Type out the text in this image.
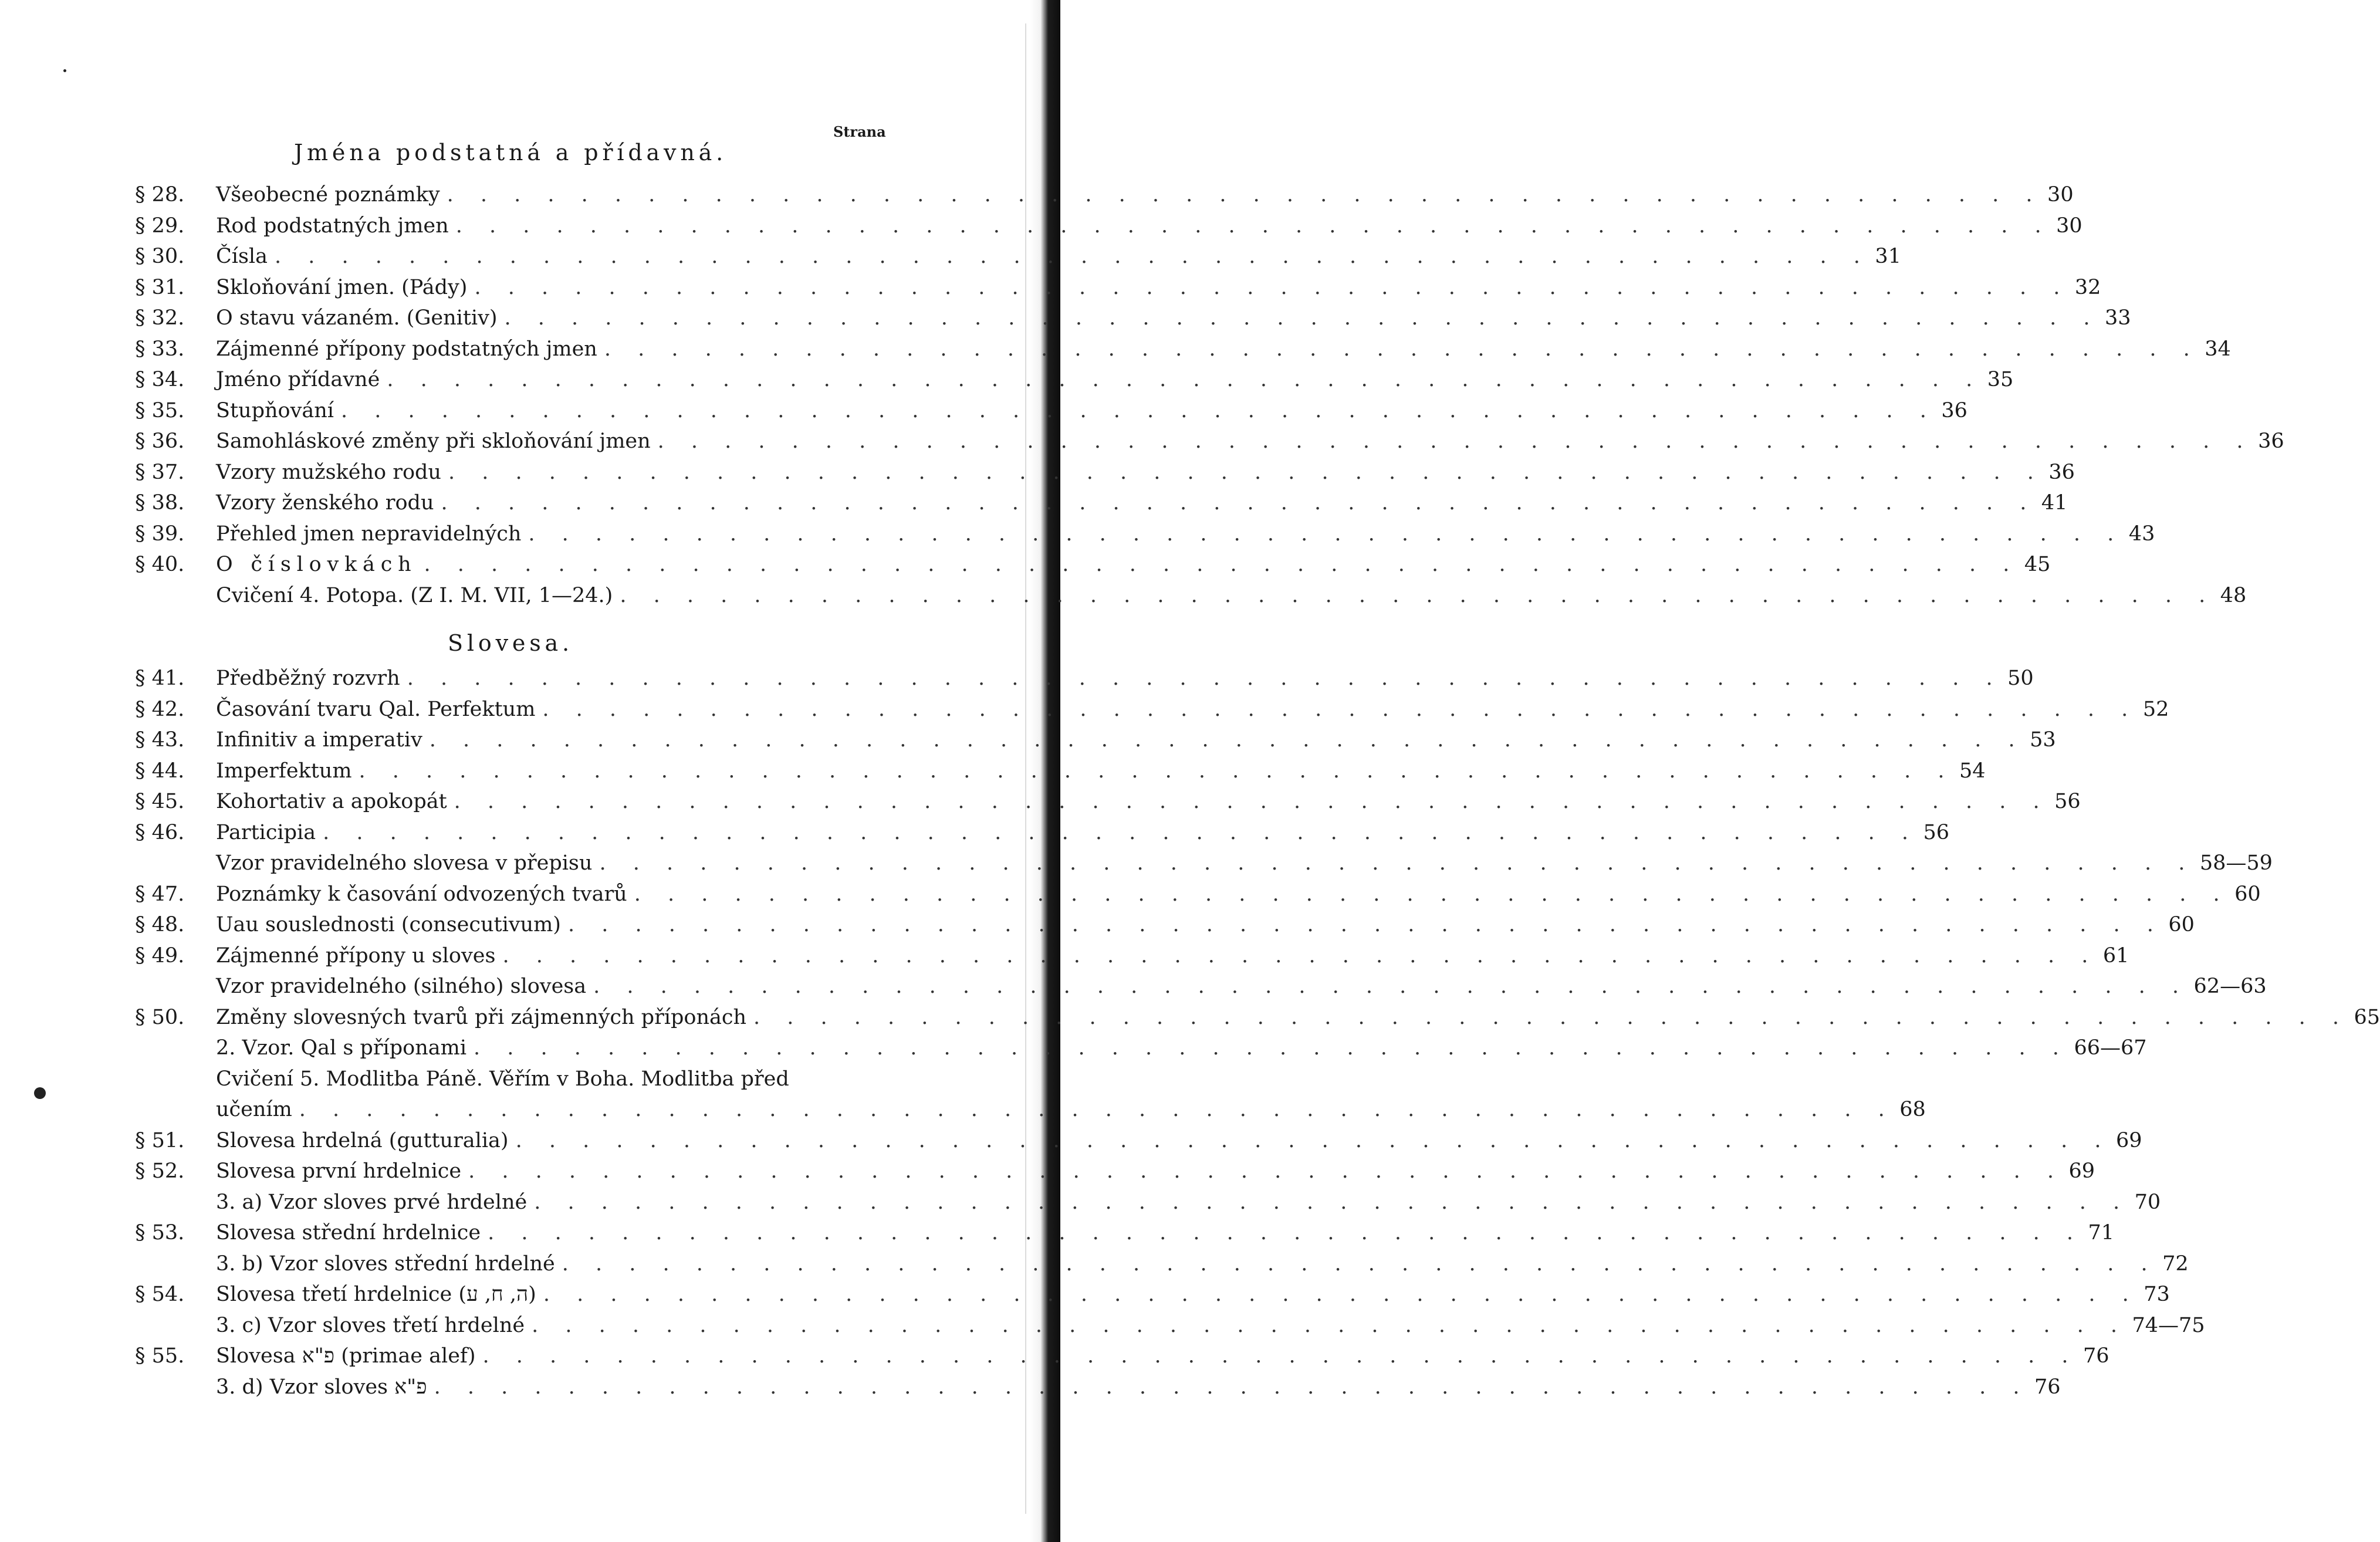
Strana
Jména podstatná a přídavná.
§ 28.	Všeobecné poznámky . . . . . . . . . . . . . . . . . . . . . . . . . . . . . . . . . . . . . . . . . . . . . . . . 30
§ 29.	Rod podstatných jmen . . . . . . . . . . . . . . . . . . . . . . . . . . . . . . . . . . . . . . . . . . . . . . . . 30
§ 30.	Čísla . . . . . . . . . . . . . . . . . . . . . . . . . . . . . . . . . . . . . . . . . . . . . . . . 31
§ 31.	Skloňování jmen. (Pády) . . . . . . . . . . . . . . . . . . . . . . . . . . . . . . . . . . . . . . . . . . . . . . . . 32
§ 32.	O stavu vázaném. (Genitiv) . . . . . . . . . . . . . . . . . . . . . . . . . . . . . . . . . . . . . . . . . . . . . . . . 33
§ 33.	Zájmenné přípony podstatných jmen . . . . . . . . . . . . . . . . . . . . . . . . . . . . . . . . . . . . . . . . . . . . . . . . 34
§ 34.	Jméno přídavné . . . . . . . . . . . . . . . . . . . . . . . . . . . . . . . . . . . . . . . . . . . . . . . . 35
§ 35.	Stupňování . . . . . . . . . . . . . . . . . . . . . . . . . . . . . . . . . . . . . . . . . . . . . . . . 36
§ 36.	Samohláskové změny při skloňování jmen . . . . . . . . . . . . . . . . . . . . . . . . . . . . . . . . . . . . . . . . . . . . . . . . 36
§ 37.	Vzory mužského rodu . . . . . . . . . . . . . . . . . . . . . . . . . . . . . . . . . . . . . . . . . . . . . . . . 36
§ 38.	Vzory ženského rodu . . . . . . . . . . . . . . . . . . . . . . . . . . . . . . . . . . . . . . . . . . . . . . . . 41
§ 39.	Přehled jmen nepravidelných . . . . . . . . . . . . . . . . . . . . . . . . . . . . . . . . . . . . . . . . . . . . . . . . 43
§ 40.	O číslovkách . . . . . . . . . . . . . . . . . . . . . . . . . . . . . . . . . . . . . . . . . . . . . . . . 45
Cvičení 4. Potopa. (Z I. M. VII, 1—24.) . . . . . . . . . . . . . . . . . . . . . . . . . . . . . . . . . . . . . . . . . . . . . . . . 48
Slovesa.
§ 41.	Předběžný rozvrh . . . . . . . . . . . . . . . . . . . . . . . . . . . . . . . . . . . . . . . . . . . . . . . . 50
§ 42.	Časování tvaru Qal. Perfektum . . . . . . . . . . . . . . . . . . . . . . . . . . . . . . . . . . . . . . . . . . . . . . . . 52
§ 43.	Infinitiv a imperativ . . . . . . . . . . . . . . . . . . . . . . . . . . . . . . . . . . . . . . . . . . . . . . . . 53
§ 44.	Imperfektum . . . . . . . . . . . . . . . . . . . . . . . . . . . . . . . . . . . . . . . . . . . . . . . . 54
§ 45.	Kohortativ a apokopát . . . . . . . . . . . . . . . . . . . . . . . . . . . . . . . . . . . . . . . . . . . . . . . . 56
§ 46.	Participia . . . . . . . . . . . . . . . . . . . . . . . . . . . . . . . . . . . . . . . . . . . . . . . . 56
Vzor pravidelného slovesa v přepisu . . . . . . . . . . . . . . . . . . . . . . . . . . . . . . . . . . . . . . . . . . . . . . . . 58—59
§ 47.	Poznámky k časování odvozených tvarů . . . . . . . . . . . . . . . . . . . . . . . . . . . . . . . . . . . . . . . . . . . . . . . . 60
§ 48.	Uau souslednosti (consecutivum) . . . . . . . . . . . . . . . . . . . . . . . . . . . . . . . . . . . . . . . . . . . . . . . . 60
§ 49.	Zájmenné přípony u sloves . . . . . . . . . . . . . . . . . . . . . . . . . . . . . . . . . . . . . . . . . . . . . . . . 61
Vzor pravidelného (silného) slovesa . . . . . . . . . . . . . . . . . . . . . . . . . . . . . . . . . . . . . . . . . . . . . . . . 62—63
§ 50.	Změny slovesných tvarů při zájmenných příponách . . . . . . . . . . . . . . . . . . . . . . . . . . . . . . . . . . . . . . . . . . . . . . . . 65
2. Vzor. Qal s příponami . . . . . . . . . . . . . . . . . . . . . . . . . . . . . . . . . . . . . . . . . . . . . . . . 66—67
Cvičení 5. Modlitba Páně. Věřím v Boha. Modlitba před
učením . . . . . . . . . . . . . . . . . . . . . . . . . . . . . . . . . . . . . . . . . . . . . . . . 68
§ 51.	Slovesa hrdelná (gutturalia) . . . . . . . . . . . . . . . . . . . . . . . . . . . . . . . . . . . . . . . . . . . . . . . . 69
§ 52.	Slovesa první hrdelnice . . . . . . . . . . . . . . . . . . . . . . . . . . . . . . . . . . . . . . . . . . . . . . . . 69
3. a) Vzor sloves prvé hrdelné . . . . . . . . . . . . . . . . . . . . . . . . . . . . . . . . . . . . . . . . . . . . . . . . 70
§ 53.	Slovesa střední hrdelnice . . . . . . . . . . . . . . . . . . . . . . . . . . . . . . . . . . . . . . . . . . . . . . . . 71
3. b) Vzor sloves střední hrdelné . . . . . . . . . . . . . . . . . . . . . . . . . . . . . . . . . . . . . . . . . . . . . . . . 72
§ 54.	Slovesa třetí hrdelnice (ה, ח, ע) . . . . . . . . . . . . . . . . . . . . . . . . . . . . . . . . . . . . . . . . . . . . . . . . 73
3. c) Vzor sloves třetí hrdelné . . . . . . . . . . . . . . . . . . . . . . . . . . . . . . . . . . . . . . . . . . . . . . . . 74—75
§ 55.	Slovesa פ"א (primae alef) . . . . . . . . . . . . . . . . . . . . . . . . . . . . . . . . . . . . . . . . . . . . . . . . 76
3. d) Vzor sloves פ"א . . . . . . . . . . . . . . . . . . . . . . . . . . . . . . . . . . . . . . . . . . . . . . . . 76
